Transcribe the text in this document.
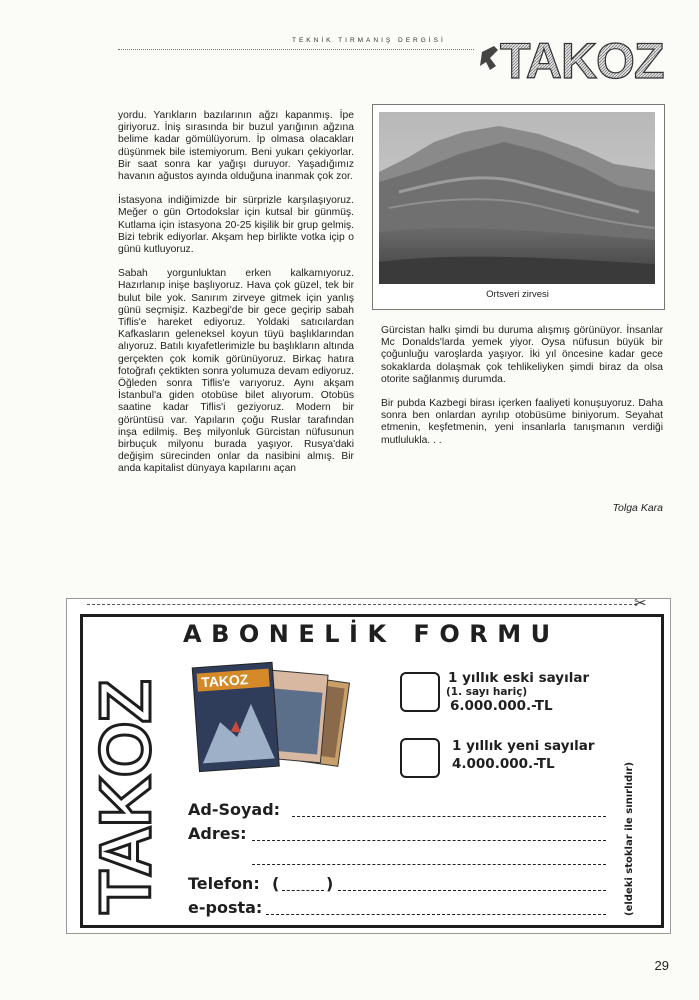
TEKNİK TIRMANIŞ DERGİSİ TAKOZ

yordu. Yarıkların bazılarının ağzı kapanmış. İpe giriyoruz. İniş sırasında bir buzul yarığının ağzına belime kadar gömülüyorum. İp olmasa olacakları düşünmek bile istemiyorum. Beni yukarı çekiyorlar. Bir saat sonra kar yağışı duruyor. Yaşadığımız havanın ağustos ayında olduğuna inanmak çok zor.

İstasyona indiğimizde bir sürprizle karşılaşıyoruz. Meğer o gün Ortodokslar için kutsal bir günmüş. Kutlama için istasyona 20-25 kişilik bir grup gelmiş. Bizi tebrik ediyorlar. Akşam hep birlikte votka içip o günü kutluyoruz.

Sabah yorgunluktan erken kalkamıyoruz. Hazırlanıp inişe başlıyoruz. Hava çok güzel, tek bir bulut bile yok. Sanırım zirveye gitmek için yanlış günü seçmişiz. Kazbegi'de bir gece geçirip sabah Tiflis'e hareket ediyoruz. Yoldaki satıcılardan Kafkasların geleneksel koyun tüyü başlıklarından alıyoruz. Batılı kıyafetlerimizle bu başlıkların altında gerçekten çok komik görünüyoruz. Birkaç hatıra fotoğrafı çektikten sonra yolumuza devam ediyoruz. Öğleden sonra Tiflis'e varıyoruz. Aynı akşam İstanbul'a giden otobüse bilet alıyorum. Otobüs saatine kadar Tiflis'i geziyoruz. Modern bir görüntüsü var. Yapıların çoğu Ruslar tarafından inşa edilmiş. Beş milyonluk Gürcistan nüfusunun birbuçuk milyonu burada yaşıyor. Rusya'daki değişim sürecinden onlar da nasibini almış. Bir anda kapitalist dünyaya kapılarını açan

Ortsveri zirvesi

Gürcistan halkı şimdi bu duruma alışmış görünüyor. İnsanlar Mc Donalds'larda yemek yiyor. Oysa nüfusun büyük bir çoğunluğu varoşlarda yaşıyor. İki yıl öncesine kadar gece sokaklarda dolaşmak çok tehlikeliyken şimdi biraz da olsa otorite sağlanmış durumda.

Bir pubda Kazbegi birası içerken faaliyeti konuşuyoruz. Daha sonra ben onlardan ayrılıp otobüsüme biniyorum. Seyahat etmenin, keşfetmenin, yeni insanlarla tanışmanın verdiği mutlulukla. . .

Tolga Kara
✂
TAKOZ
ABONELİK FORMU
TAKOZ	1 yıllık eski sayılar
(1. sayı hariç)
6.000.000.-TL
1 yıllık yeni sayılar
4.000.000.-TL	(eldeki stoklar ile sınırlıdır)
Ad-Soyad:
Adres:
Telefon: (	)
e-posta:
29
